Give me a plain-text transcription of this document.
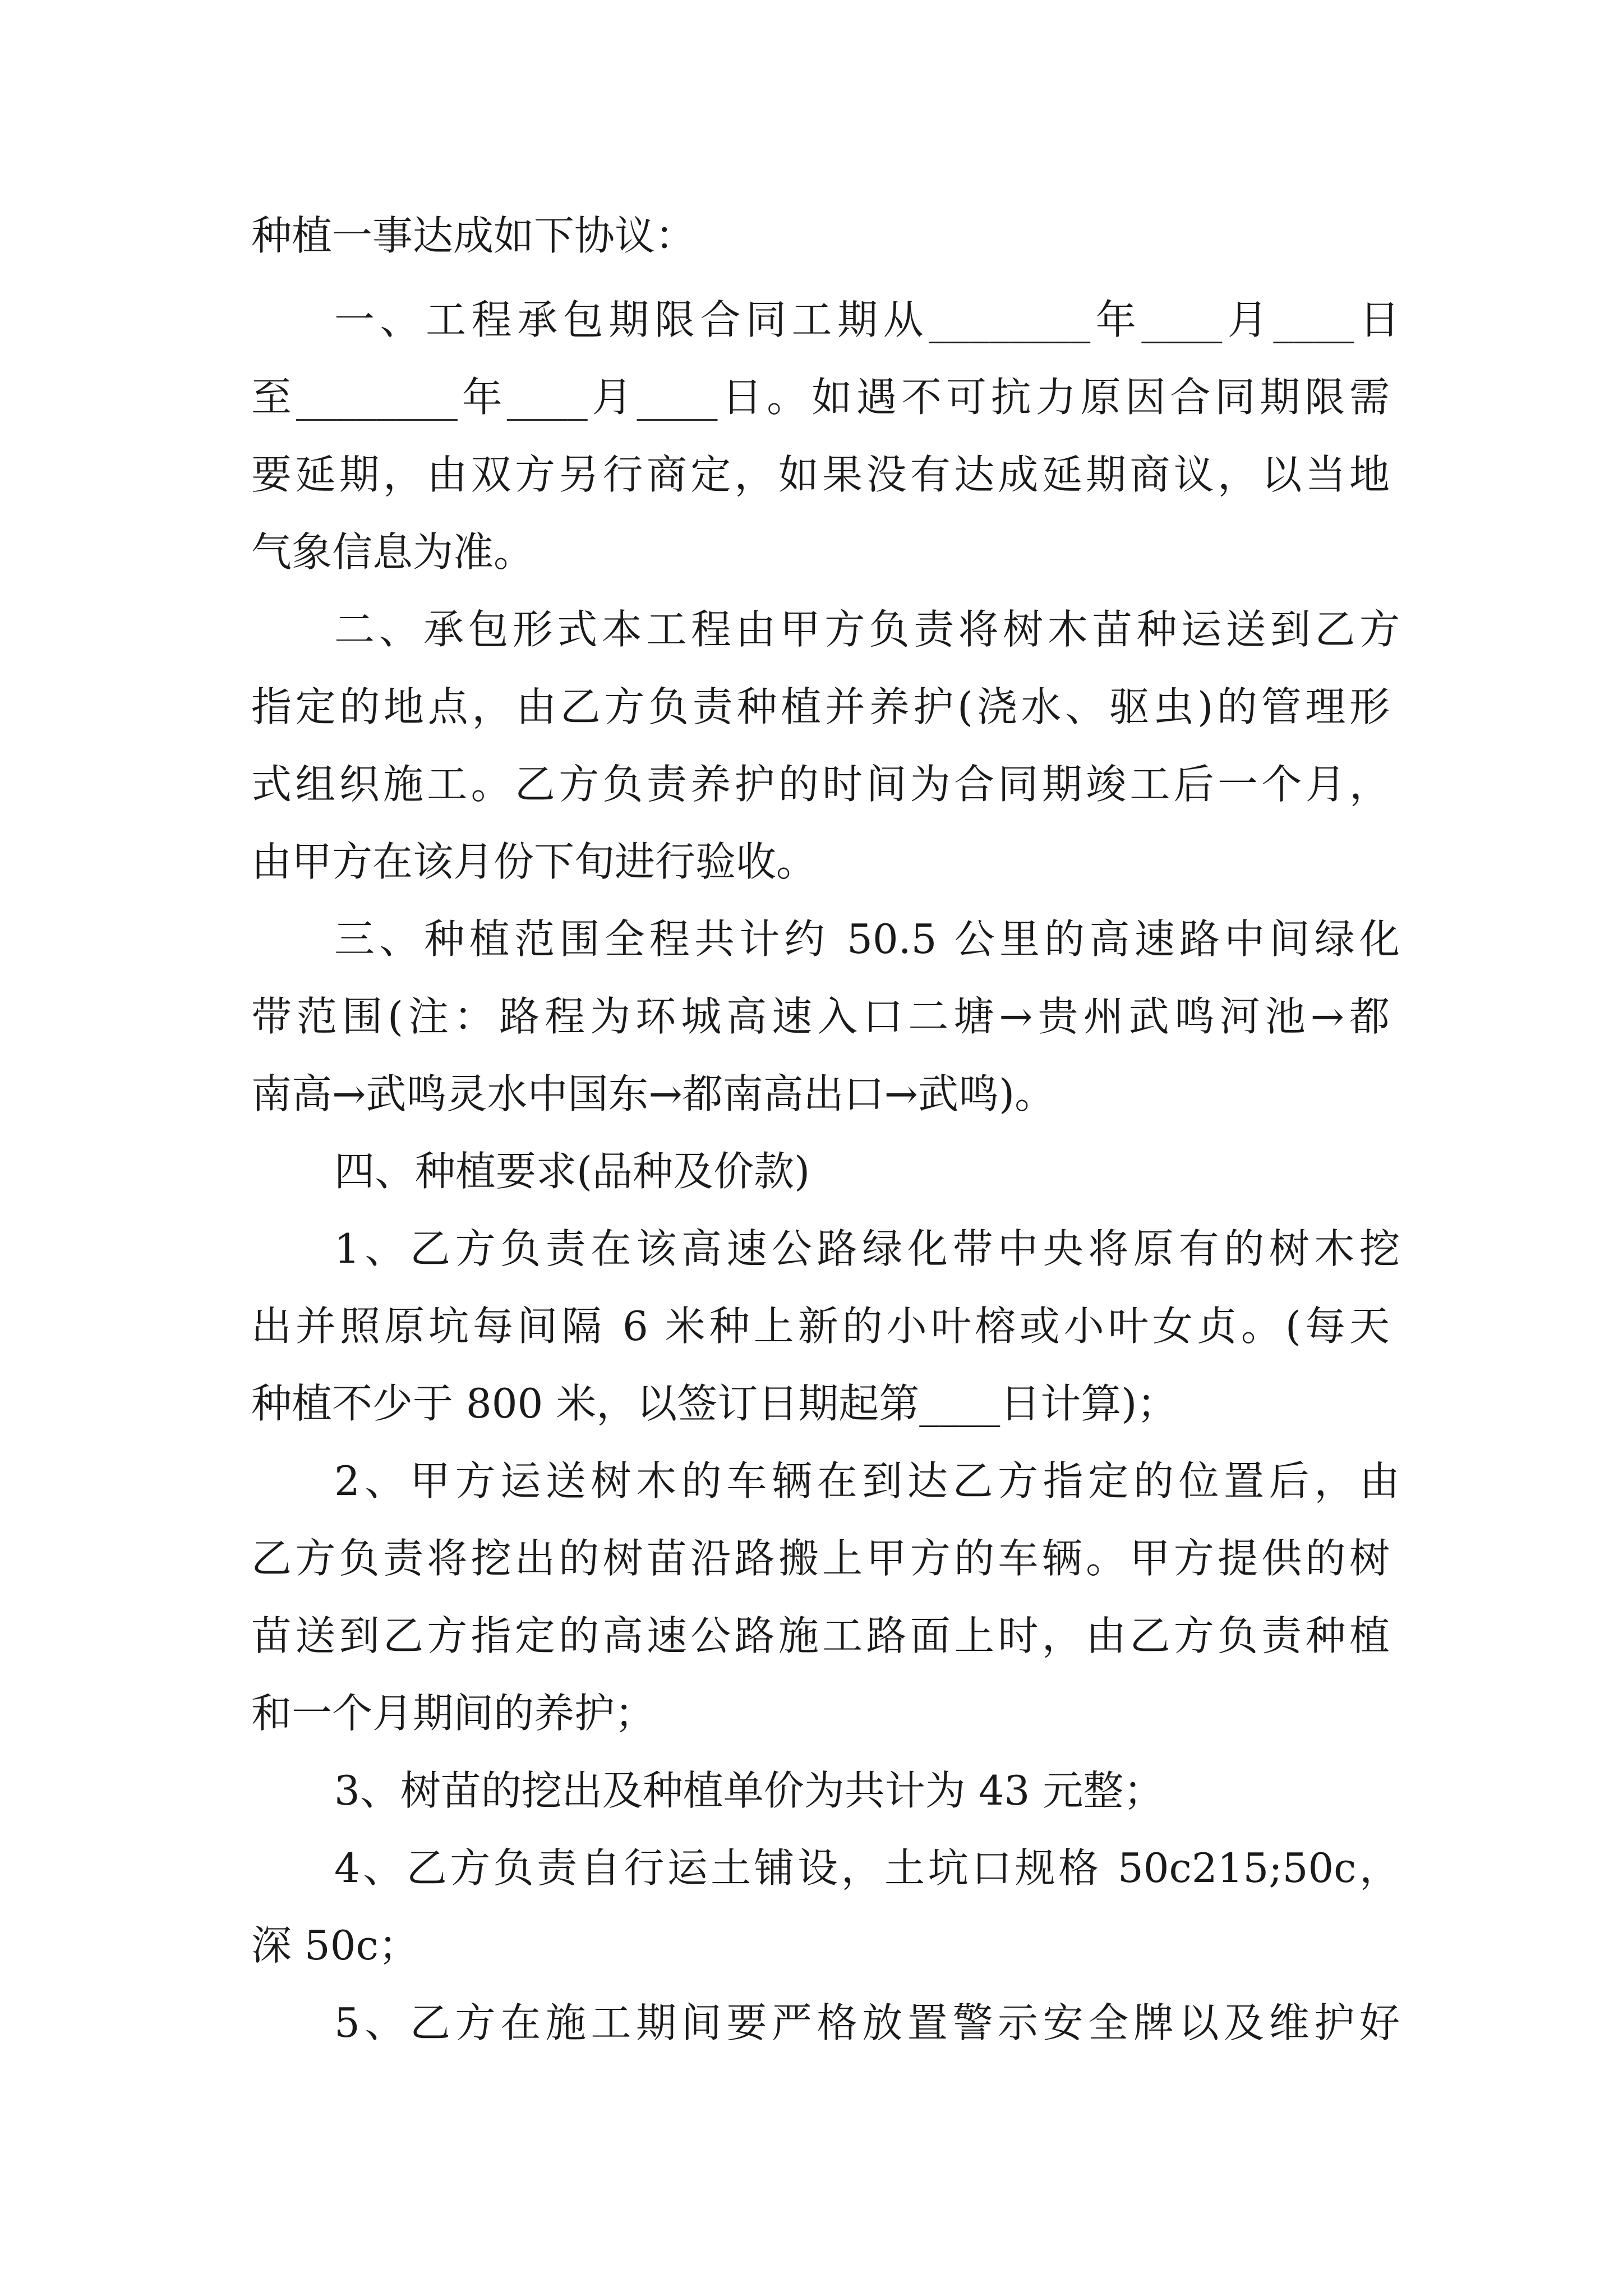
种植一事达成如下协议：
一、工程承包期限合同工期从________年____月____日
至________年____月____日。如遇不可抗力原因合同期限需
要延期，由双方另行商定，如果没有达成延期商议，以当地
气象信息为准。
二、承包形式本工程由甲方负责将树木苗种运送到乙方
指定的地点，由乙方负责种植并养护(浇水、驱虫)的管理形
式组织施工。乙方负责养护的时间为合同期竣工后一个月，
由甲方在该月份下旬进行验收。
三、种植范围全程共计约 50.5 公里的高速路中间绿化
带范围(注：路程为环城高速入口二塘→贵州武鸣河池→都
南高→武鸣灵水中国东→都南高出口→武鸣)。
四、种植要求(品种及价款)
1、乙方负责在该高速公路绿化带中央将原有的树木挖
出并照原坑每间隔 6 米种上新的小叶榕或小叶女贞。(每天
种植不少于 800 米，以签订日期起第____日计算)；
2、甲方运送树木的车辆在到达乙方指定的位置后，由
乙方负责将挖出的树苗沿路搬上甲方的车辆。甲方提供的树
苗送到乙方指定的高速公路施工路面上时，由乙方负责种植
和一个月期间的养护；
3、树苗的挖出及种植单价为共计为 43 元整；
4、乙方负责自行运土铺设，土坑口规格 50c215;50c，
深 50c；
5、乙方在施工期间要严格放置警示安全牌以及维护好
